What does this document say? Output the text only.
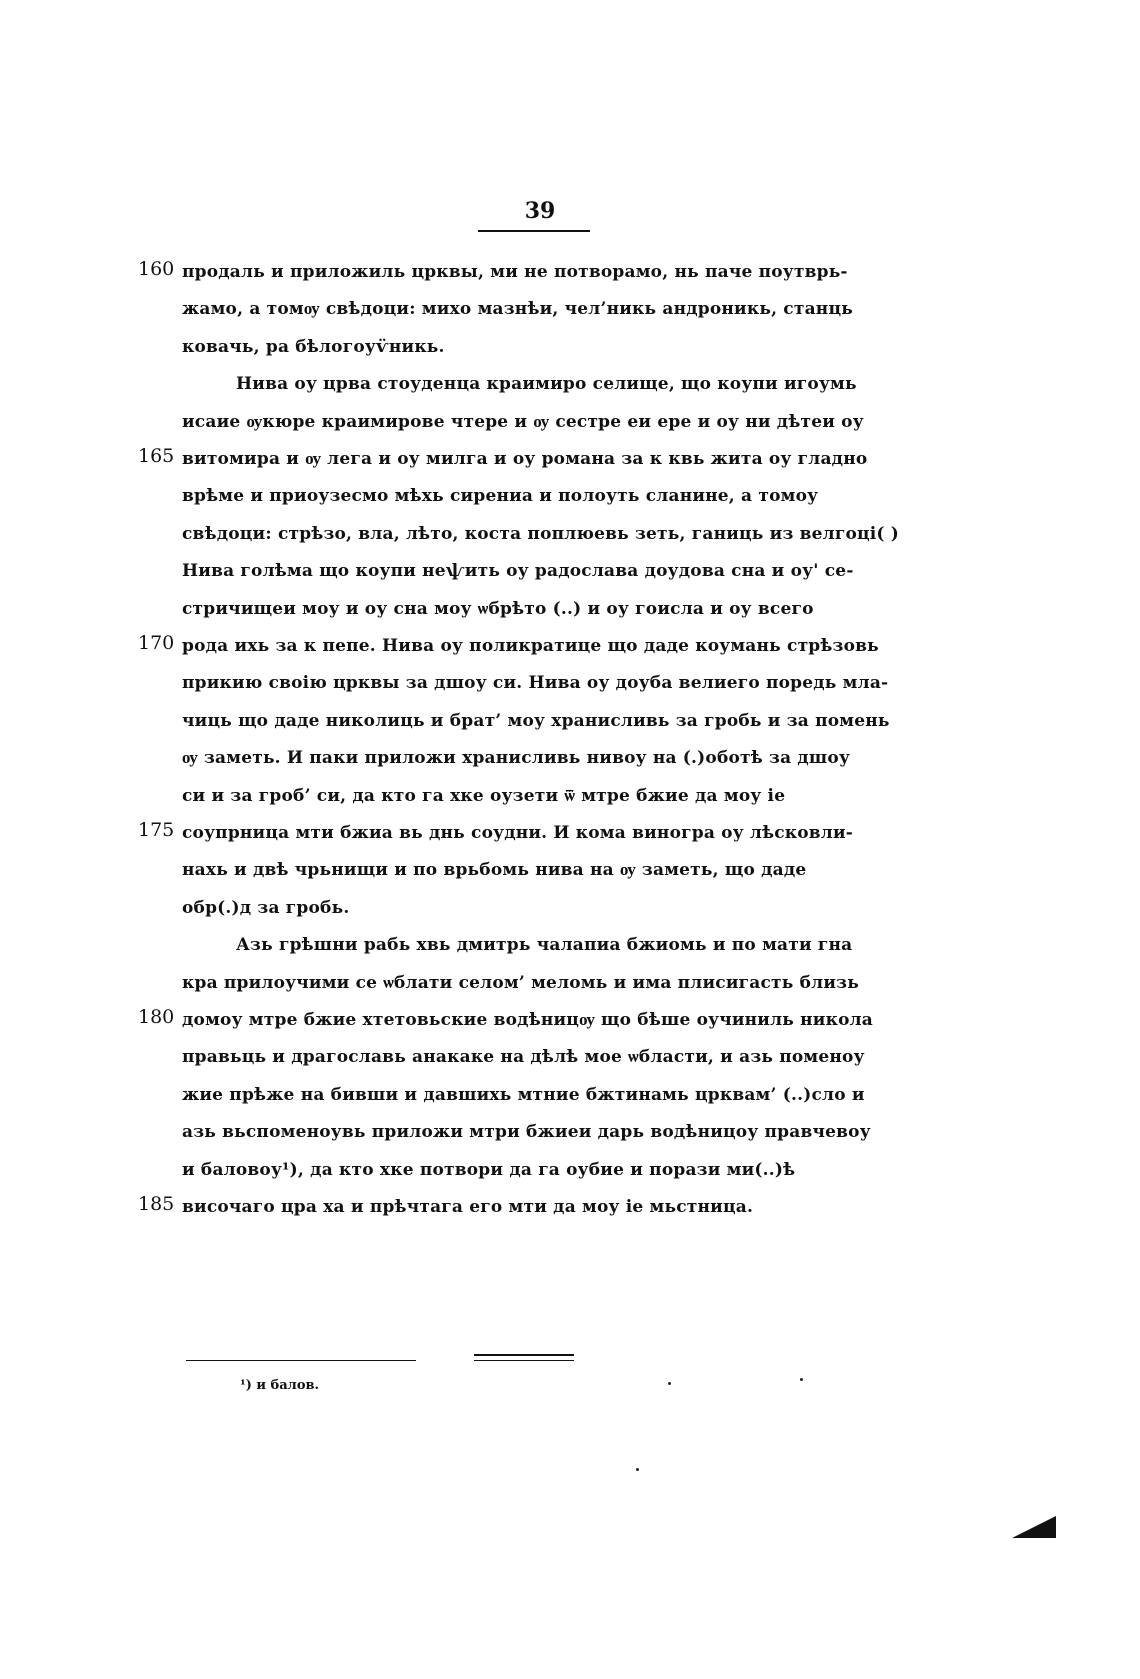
39
160 продаль и приложиль црквы, ми не потворамо, нь паче поутврь-
жамо, а томѹ свѣдоци: михо мазнѣи, чел’никь андроникь, станць
ковачь, ра бѣлогоуѵ̈никь.
Нива оу црва стоуденца краимиро селище, що коупи игоумь
исаие ѹкюре краимирове чтере и ѹ сестре еи ере и оу ни дѣтеи оу
165 витомира и ѹ лега и оу милга и оу романа за к квь жита оу гладно
врѣме и приоузесмо мѣхь сирениа и полоуть сланине, а томоу
свѣдоци: стрѣзо, вла, лѣто, коста поплюевь зеть, ганиць из велгоці( )
Нива голѣма що коупи неѱить оу радослава доудова сна и оу' се-
стричищеи моу и оу сна моу ѡбрѣто (..) и оу гоисла и оу всего
170 рода ихь за к пепе. Нива оу поликратице що даде коумань стрѣзовь
прикию своiю црквы за дшоу си. Нива оу доуба велиего поредь мла-
чиць що даде николиць и брат’ моу хранисливь за гробь и за помень
ѹ заметь. И паки приложи хранисливь нивоу на (.)оботѣ за дшоу
си и за гроб’ си, да кто га хке оузети ѿ мтре бжие да моу іе
175 соупрница мти бжиа вь днь соудни. И кома виногра оу лѣсковли-
нахь и двѣ чрьнищи и по врьбомь нива на ѹ заметь, що даде
обр(.)д за гробь.
Азь грѣшни рабь хвь дмитрь чалапиа бжиомь и по мати гна
кра прилоучими се ѡблати селом’ меломь и има плисигасть близь
180 домоу мтре бжие хтетовьские водѣницѹ що бѣше оучиниль никола
правьць и драгославь анакаке на дѣлѣ мое ѡбласти, и азь поменоу
жие прѣже на бивши и давшихь мтние бжтинамь црквам’ (..)сло и
азь вьспоменоувь приложи мтри бжиеи дарь водѣницоу правчевоу
и баловоу¹), да кто хке потвори да га оубие и порази ми(..)ѣ
185 височаго цра ха и прѣчтага его мти да моу іе мьстница.
¹) и балов.
